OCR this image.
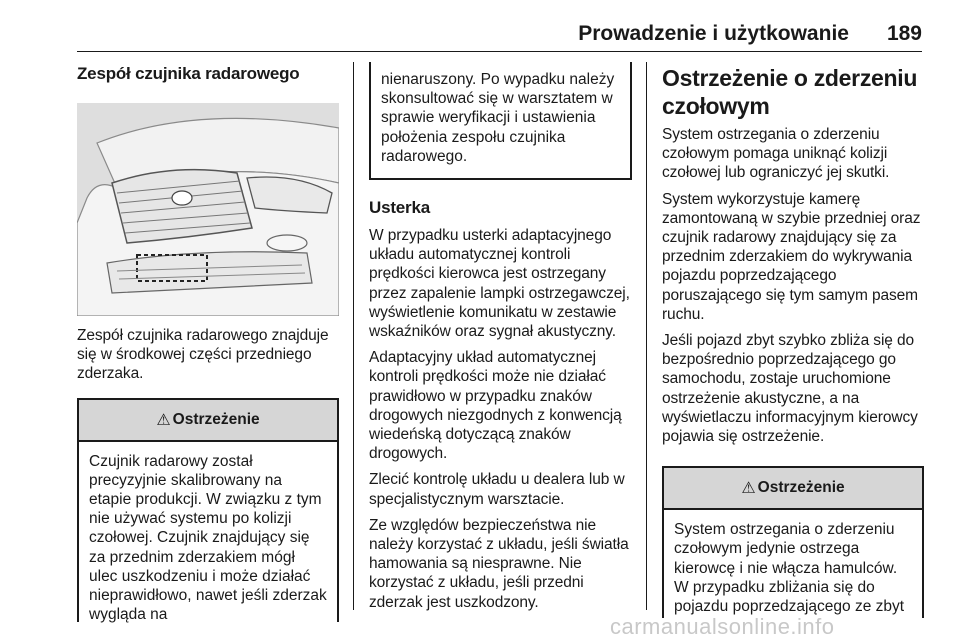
Prowadzenie i użytkowanie 189
Zespół czujnika radarowego

Zespół czujnika radarowego znajduje się w środkowej części przedniego zderzaka.

⚠ Ostrzeżenie
Czujnik radarowy został precyzyjnie skalibrowany na etapie produkcji. W związku z tym nie używać systemu po kolizji czołowej. Czujnik znajdujący się za przednim zderzakiem mógł ulec uszkodzeniu i może działać nieprawidłowo, nawet jeśli zderzak wygląda na
nienaruszony. Po wypadku należy skonsultować się w warsztatem w sprawie weryfikacji i ustawienia położenia zespołu czujnika radarowego.
Usterka

W przypadku usterki adaptacyjnego układu automatycznej kontroli prędkości kierowca jest ostrzegany przez zapalenie lampki ostrzegawczej, wyświetlenie komunikatu w zestawie wskaźników oraz sygnał akustyczny.

Adaptacyjny układ automatycznej kontroli prędkości może nie działać prawidłowo w przypadku znaków drogowych niezgodnych z konwencją wiedeńską dotyczącą znaków drogowych.

Zlecić kontrolę układu u dealera lub w specjalistycznym warsztacie.

Ze względów bezpieczeństwa nie należy korzystać z układu, jeśli światła hamowania są niesprawne. Nie korzystać z układu, jeśli przedni zderzak jest uszkodzony.

Ostrzeżenie o zderzeniu czołowym

System ostrzegania o zderzeniu czołowym pomaga uniknąć kolizji czołowej lub ograniczyć jej skutki.

System wykorzystuje kamerę zamontowaną w szybie przedniej oraz czujnik radarowy znajdujący się za przednim zderzakiem do wykrywania pojazdu poprzedzającego poruszającego się tym samym pasem ruchu.

Jeśli pojazd zbyt szybko zbliża się do bezpośrednio poprzedzającego go samochodu, zostaje uruchomione ostrzeżenie akustyczne, a na wyświetlaczu informacyjnym kierowcy pojawia się ostrzeżenie.

⚠ Ostrzeżenie
System ostrzegania o zderzeniu czołowym jedynie ostrzega kierowcę i nie włącza hamulców. W przypadku zbliżania się do pojazdu poprzedzającego ze zbyt
carmanualsonline.info
